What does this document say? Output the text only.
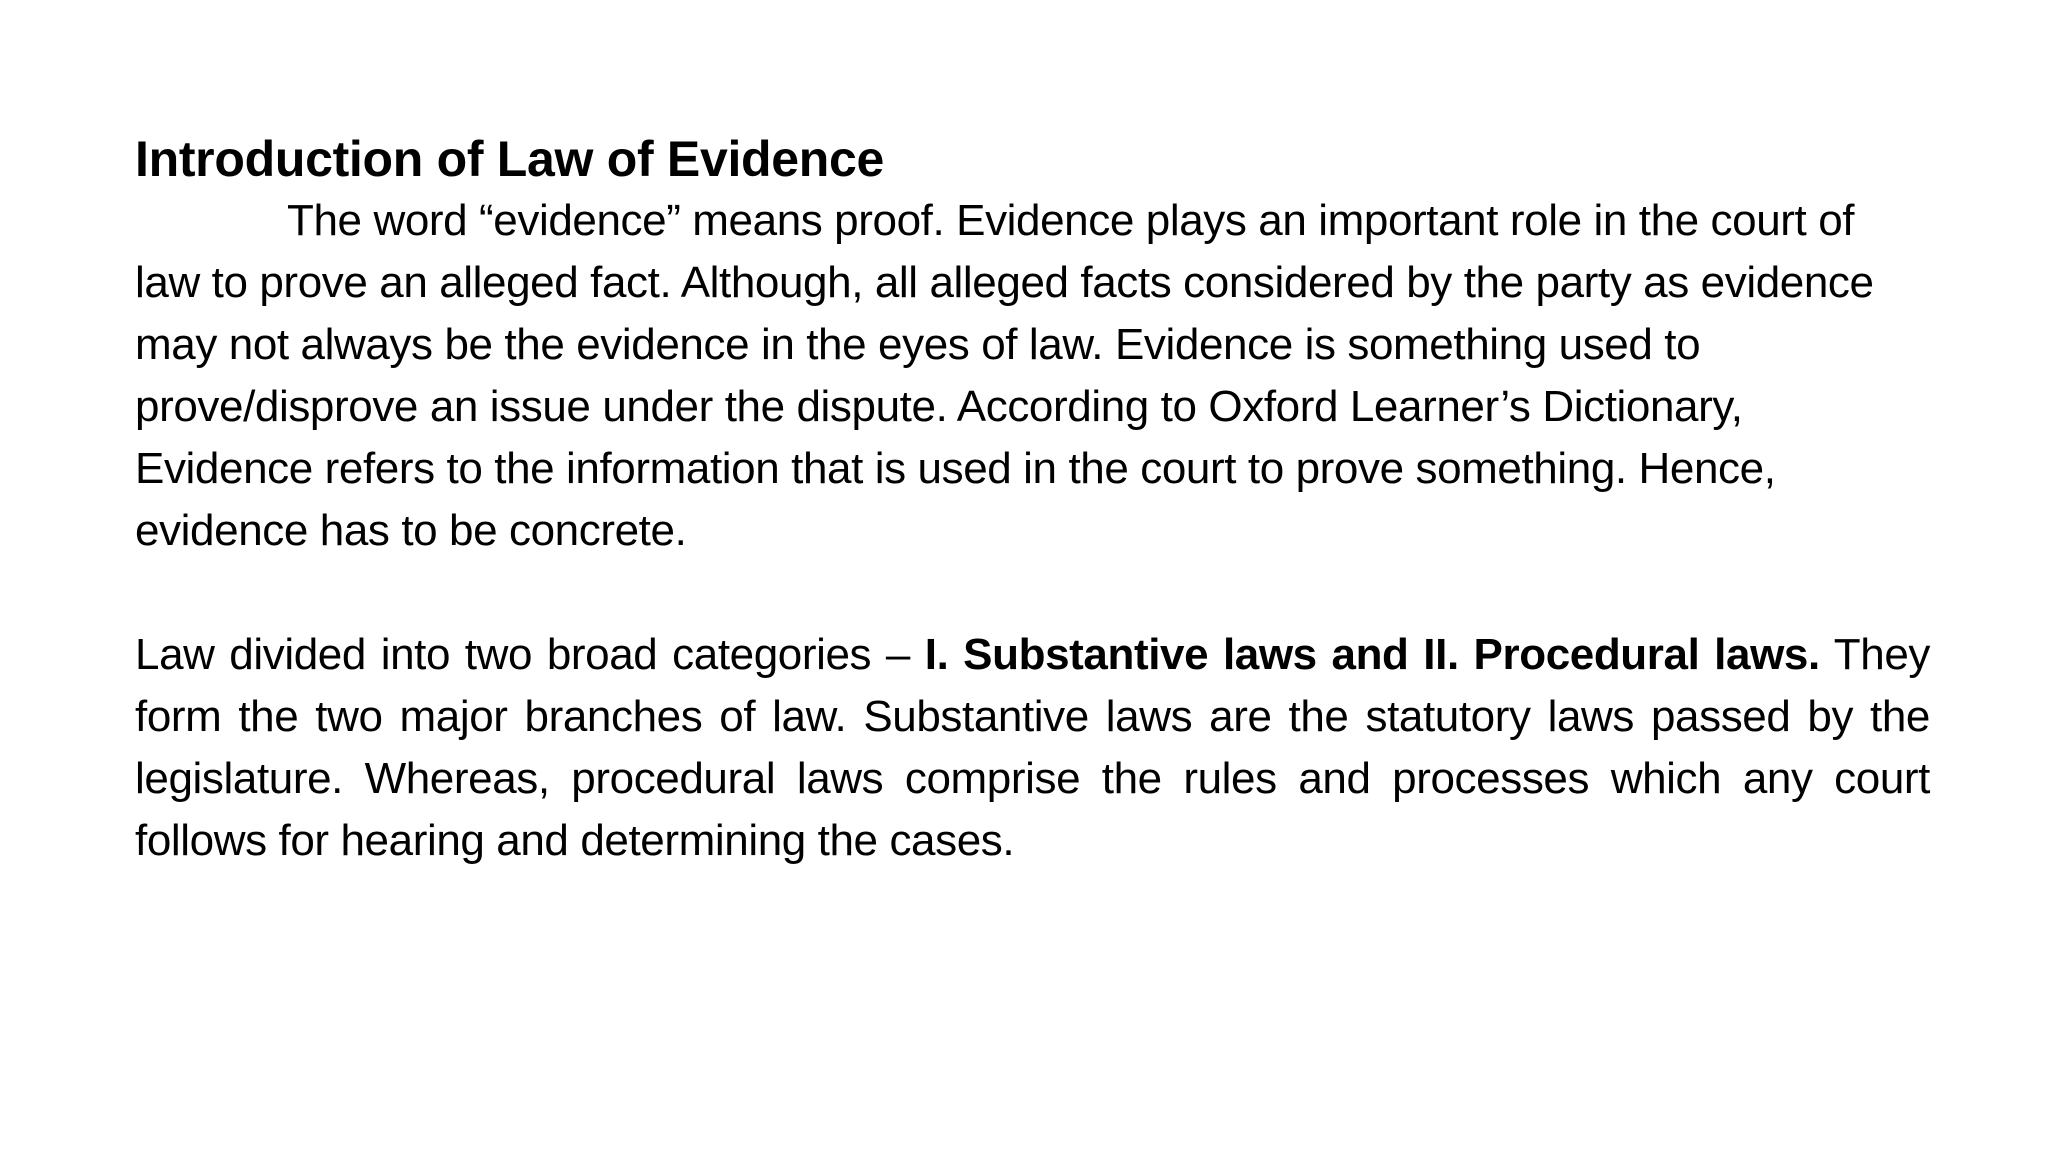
Introduction of Law of Evidence

The word “evidence” means proof. Evidence plays an important role in the court of law to prove an alleged fact. Although, all alleged facts considered by the party as evidence may not always be the evidence in the eyes of law. Evidence is something used to prove/disprove an issue under the dispute. According to Oxford Learner’s Dictionary, Evidence refers to the information that is used in the court to prove something. Hence, evidence has to be concrete.

Law divided into two broad categories – I. Substantive laws and II. Procedural laws. They form the two major branches of law. Substantive laws are the statutory laws passed by the legislature. Whereas, procedural laws comprise the rules and processes which any court follows for hearing and determining the cases.
